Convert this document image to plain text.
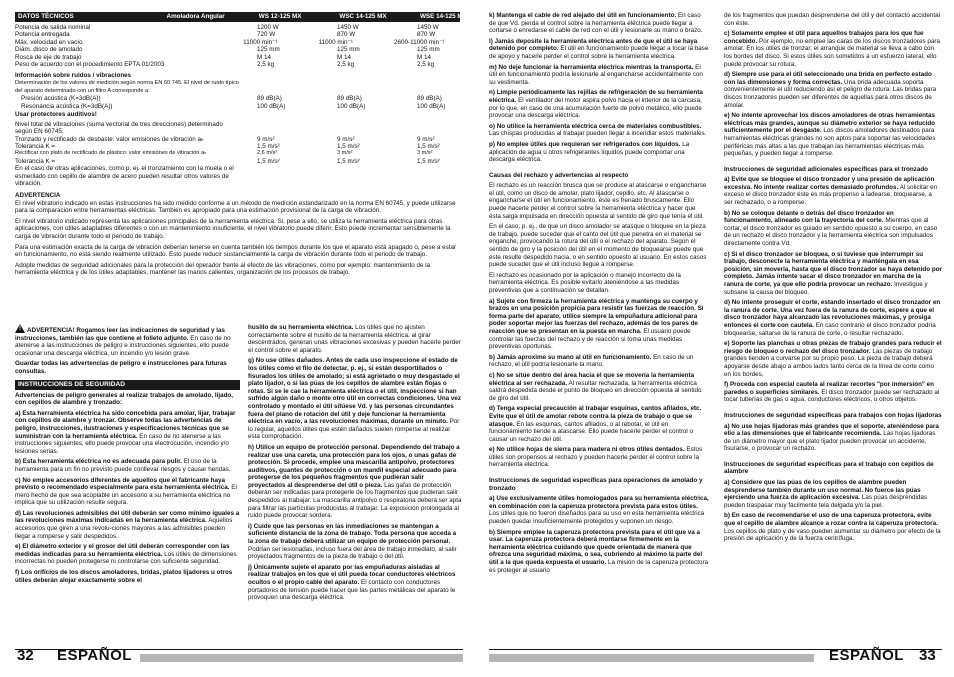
DATOS TÉCNICOS	Amoladora Angular	WS 12-125 MX	WSC 14-125 MX	WSE 14-125 MX
Potencia de salida nominal	1200 W	1450 W	1450 W
Potencia entregada	720 W	870 W	870 W
Máx. velocidad en vacío	11000 min⁻¹	11000 min⁻¹	2600-11000 min⁻¹
Diám. disco de amolado	125 mm	125 mm	125 mm
Rosca de eje de trabajo	M 14	M 14	M 14
Peso de acuerdo con el procedimiento EPTA 01/2003	2,5 kg	2,5 kg	2,5 kg

Información sobre ruidos / vibraciones

Determinación de los valores de medición según norma EN 60 745. El nivel de ruido típico del aparato determinado con un filtro A corresponde a:

Presión acústica (K=3dB(A))	89 dB(A)	89 dB(A)	89 dB(A)
Resonancia acústica (K=3dB(A))	100 dB(A)	100 dB(A)	100 dB(A)

Usar protectores auditivos!

Nivel total de vibraciones (suma vectorial de tres direcciones) determinado según EN 60745.

Tronzado y rectificado de desbaste: valor emisiones de vibración aₕ	9 m/s²	9 m/s²	9 m/s²
Tolerancia K =	1,5 m/s²	1,5 m/s²	1,5 m/s²
Rectificar con plato de rectificado de plástico: valor emisiones de vibración aₕ	2,6 m/s²	3 m/s²	3 m/s²
Tolerancia K =	1,5 m/s²	1,5 m/s²	1,5 m/s²

En el caso de otras aplicaciones, como p. ej. el tronzamiento con la muela o el esmerilado con cepillo de alambre de acero pueden resultar otros valores de vibración.

ADVERTENCIA

El nivel vibratorio indicado en estas instrucciones ha sido medido conforme a un método de medición estandarizado en la norma EN 60745, y puede utilizarse para la comparación entre herramientas eléctricas. También es apropiado para una estimación provisional de la carga de vibración.

El nivel vibratorio indicado representa las aplicaciones principales de la herramienta eléctrica. Si, pese a ello, se utiliza la herramienta eléctrica para otras aplicaciones, con útiles adaptables diferentes o con un mantenimiento insuficiente, el nivel vibratorio puede diferir. Esto puede incrementar sensiblemente la carga de vibración durante todo el periodo de trabajo.

Para una estimación exacta de la carga de vibración deberían tenerse en cuenta también los tiempos durante los que el aparato está apagado o, pese a estar en funcionamiento, no está siendo realmente utilizado. Esto puede reducir sustancialmente la carga de vibración durante todo el periodo de trabajo.

Adopte medidas de seguridad adicionales para la protección del operador frente al efecto de las vibraciones, como por ejemplo: mantenimiento de la herramienta eléctrica y de los útiles adaptables, mantener las manos calientes, organización de los procesos de trabajo.

! ADVERTENCIA! Rogamos leer las indicaciones de seguridad y las instrucciones, también las que contiene el folleto adjunto. En caso de no atenerse a las instrucciones de peligro e instrucciones siguientes, ello puede ocasionar una descarga eléctrica, un incendio y/o lesión grave.

Guardar todas las advertencias de peligro e instrucciones para futuras consultas.

INSTRUCCIONES DE SEGURIDAD

Advertencias de peligro generales al realizar trabajos de amolado, lijado, con cepillos de alambre y tronzado:

a) Esta herramienta eléctrica ha sido concebida para amolar, lijar, trabajar con cepillos de alambre y tronzar. Observe todas las advertencias de peligro, instrucciones, ilustraciones y especificaciones técnicas que se suministran con la herramienta eléctrica. En caso de no atenerse a las instrucciones siguientes, ello puede provocar una electrocución, incendio y/o lesiones serias.

b) Esta herramienta eléctrica no es adecuada para pulir. El uso de la herramienta para un fin no previsto puede conllevar riesgos y causar heridas.

c) No emplee accesorios diferentes de aquellos que el fabricante haya previsto o recomendado especialmente para esta herramienta eléctrica. El mero hecho de que sea acoplable un accesorio a su herramienta eléctrica no implica que su utilización resulte segura.

d) Las revoluciones admisibles del útil deberán ser como mínimo iguales a las revoluciones máximas indicadas en la herramienta eléctrica. Aquellos accesorios que giren a una revolu-ciones mayores a las admisibles pueden llegar a romperse y salir despedidos.

e) El diámetro exterior y el grosor del útil deberán corresponder con las medidas indicadas para su herramienta eléctrica. Los útiles de dimensiones incorrectas no pueden protegerse ni controlarse con suficiente seguridad.

f) Los orificios de los discos amoladores, bridas, platos lijadores u otros útiles deberán alojar exactamente sobre el

husillo de su herramienta eléctrica. Los útiles que no ajusten correctamente sobre el husillo de la herramienta eléctrica, al girar descentrados, generan unas vibraciones excesivas y pueden hacerle perder el control sobre el aparato.

g) No use útiles dañados. Antes de cada uso inspeccione el estado de los útiles como el filo de detectar, p. ej., si están desportillados o fisurados los útiles de amolado; si está agrietado o muy desgastado el plato lijador, o si las púas de los cepillos de alambre están flojas o rotas. Si se le cae la herramienta eléctrica o el útil, inspeccione si han sufrido algún daño o monte otro útil en correctas condiciones. Una vez controlado y montado el útil sitúese Vd. y las personas circundantes fuera del plano de rotación del útil y deje funcionar la herramienta eléctrica en vacío, a las revoluciones máximas, durante un minuto. Por lo regular, aquellos útiles que estén dañados suelen romperse al realizar esta comprobación.

h) Utilice un equipo de protección personal. Dependiendo del trabajo a realizar use una careta, una protección para los ojos, o unas gafas de protección. Si procede, emplee una mascarilla antipolvo, protectores auditivos, guantes de protección o un mandil especial adecuado para protegerse de los pequeños fragmentos que pudieran salir proyectados al desprenderse del útil o pieza. Las gafas de protección deberán ser indicadas para protegerle de los fragmentos que pudieran salir despedidos al trabajar. La mascarilla antipolvo o respiratoria deberá ser apta para filtrar las partículas producidas al trabajar. La exposición prolongada al ruido puede provocar sordera.

i) Cuide que las personas en las inmediaciones se mantengan a suficiente distancia de la zona de trabajo. Toda persona que acceda a la zona de trabajo deberá utilizar un equipo de protección personal. Podrían ser lesionadas, incluso fuera del área de trabajo inmediato, al salir proyectados fragmentos de la pieza de trabajo o del útil.

j) Únicamente sujete el aparato por las empuñaduras aisladas al realizar trabajos en los que el útil pueda tocar conductores eléctricos ocultos o el propio cable del aparato. El contacto con conductores portadores de tensión puede hacer que las partes metálicas del aparato le provoquen una descarga eléctrica.

32 ESPAÑOL

k) Mantenga el cable de red alejado del útil en funcionamiento. En caso de que Vd. pierda el control sobre la herramienta eléctrica puede llegar a cortarse o enredarse el cable de red con el útil y lesionarle su mano o brazo.

l) Jamás deposite la herramienta eléctrica antes de que el útil se haya detenido por completo. El útil en funcionamiento puede llegar a tocar la base de apoyo y hacerle perder el control sobre la herramienta eléctrica.

m) No deje funcionar la herramienta eléctrica mientras la transporta. El útil en funcionamiento podría lesionarle al engancharse accidentalmente con su vestimenta.

n) Limpie periódicamente las rejillas de refrigeración de su herramienta eléctrica. El ventilador del motor aspira polvo hacia el interior de la carcasa, por lo que, en caso de una acumulación fuerte de polvo metálico, ello puede provocar una descarga eléctrica.

o) No utilice la herramienta eléctrica cerca de materiales combustibles. Las chispas producidas al trabajar pueden llegar a incendiar estos materiales.

p) No emplee útiles que requieran ser refrigerados con líquidos. La aplicación de agua u otros refrigerantes líquidos puede comportar una descarga eléctrica.

Causas del rechazo y advertencias al respecto

El rechazo es un reacción brusca que se produce al atascarse o engancharse el útil, como un disco de amolar, plato lijador, cepillo, etc. Al atascarse o engancharse el útil en funcionamiento, éste es frenado bruscamente. Ello puede hacerle perder el control sobre la herramienta eléctrica y hacer que ésta salga impulsada en dirección opuesta al sentido de giro que tenía el útil.

En el caso, p. ej., de que un disco amolador se atasque o bloquee en la pieza de trabajo, puede suceder que el canto del útil que penetra en el material se enganche, provocando la rotura del útil o el rechazo del aparato. Según el sentido de giro y la posición del útil en el momento de bloquearse puede que éste resulte despedido hacia, o en sentido opuesto al usuario. En estos casos puede suceder que el útil incluso llegue a romperse.

El rechazo es ocasionado por la aplicación o manejo incorrecto de la herramienta eléctrica. Es posible evitarlo ateniéndose a las medidas preventivas que a continuación se detallan.

a) Sujete con firmeza la herramienta eléctrica y mantenga su cuerpo y brazos en una posición propicia para resistir las fuerzas de reacción. Si forma parte del aparato, utilice siempre la empuñadura adicional para poder soportar mejor las fuerzas del rechazo, además de los pares de reacción que se presentan en la puesta en marcha. El usuario puede controlar las fuerzas del rechazo y de reacción si toma unas medidas preventivas oportunas.

b) Jamás aproxime su mano al útil en funcionamiento. En caso de un rechazo, el útil podría lesionarle la mano.

c) No se sitúe dentro del área hacia el que se movería la herramienta eléctrica al ser rechazada. Al resultar rechazada, la herramienta eléctrica saldrá despedida desde el punto de bloqueo en dirección opuesta al sentido de giro del útil.

d) Tenga especial precaución al trabajar esquinas, cantos afilados, etc. Evite que el útil de amolar rebote contra la pieza de trabajo o que se atasque. En las esquinas, cantos afilados, o al rebotar, el útil en funcionamiento tiende a atascarse. Ello puede hacerle perder el control o causar un rechazo del útil.

e) No utilice hojas de sierra para madera ni otros útiles dentados. Estos útiles son propensos al rechazo y pueden hacerle perder el control sobre la herramienta eléctrica.

Instrucciones de seguridad específicas para operaciones de amolado y tronzado

a) Use exclusivamente útiles homologados para su herramienta eléctrica, en combinación con la caperuza protectora prevista para estos útiles. Los útiles que no fueron diseñados para su uso en esta herramienta eléctrica pueden quedar insuficientemente protegidos y suponen un riesgo.

b) Siempre emplee la caperuza protectora prevista para el útil que va a usar. La caperuza protectora deberá montarse firmemente en la herramienta eléctrica cuidando que quede orientada de manera que ofrezca una seguridad máxima, o sea, cubriendo al máximo la parte del útil a la que queda expuesta el usuario. La misión de la caperuza protectora es proteger al usuario

de los fragmentos que puedan desprenderse del útil y del contacto accidental con éste.

c) Solamente emplee el útil para aquellos trabajos para los que fue concebido. Por ejemplo, no emplee las caras de los discos tronzadores para amolar. En los útiles de tronzar, el arranque de material se lleva a cabo con los bordes del disco. Si estos útiles son sometidos a un esfuerzo lateral, ello puede provocar su rotura.

d) Siempre use para el útil seleccionado una brida en perfecto estado con las dimensiones y forma correctas. Una brida adecuada soporta convenientemente el útil reduciendo así el peligro de rotura. Las bridas para discos tronzadores pueden ser diferentes de aquellas para otros discos de amolar.

e) No intente aprovechar los discos amoladores de otras herramientas eléctricas más grandes, aunque su diámetro exterior se haya reducido suficientemente por el desgaste. Los discos amoladores destinados para herramientas eléctricas grandes no son aptos para soportar las velocidades periféricas más altas a las que trabajan las herramientas eléctricas más pequeñas, y pueden llegar a romperse.

Instrucciones de seguridad adicionales específicas para el tronzado

a) Evite que se bloquee el disco tronzador y una presión de aplicación excesiva. No intente realizar cortes demasiado profundos. Al solicitar en exceso el disco tronzador éste es más propenso a ladearse, bloquearse, a ser rechazado, o a romperse.

b) No se coloque delante o detrás del disco tronzador en funcionamiento, alineado con la trayectoria del corte. Mientras que al cortar, el disco tronzador es guiado en sentido opuesto a su cuerpo, en caso de un rechazo el disco tronzador y la herramienta eléctrica son impulsados directamente contra Vd.

c) Si el disco tronzador se bloquea, o si tuviese que interrumpir su trabajo, desconecte la herramienta eléctrica y manténgala en esa posición, sin moverla, hasta que el disco tronzador se haya detenido por completo. Jamás intente sacar el disco tronzador en marcha de la ranura de corte, ya que ello podría provocar un rechazo. Investigue y subsane la causa del bloqueo.

d) No intente proseguir el corte, estando insertado el disco tronzador en la ranura de corte. Una vez fuera de la ranura de corte, espere a que el disco tronzador haya alcanzado las revoluciones máximas, y prosiga entonces el corte con cautela. En caso contrario el disco tronzador podría bloquearse, saltarse de la ranura de corte, o resultar rechazado.

e) Soporte las planchas u otras piezas de trabajo grandes para reducir el riesgo de bloqueo o rechazo del disco tronzador. Las piezas de trabajo grandes tienden a curvarse por su propio peso. La pieza de trabajo deberá apoyarse desde abajo a ambos lados tanto cerca de la línea de corte como en los bordes.

f) Proceda con especial cautela al realizar recortes "por inmersión" en paredes o superficies similares. El disco tronzador puede ser rechazado al tocar tuberías de gas o agua, conductores eléctricos, u otros objetos.

Instrucciones de seguridad específicas para trabajos con hojas lijadoras

a) No use hojas lijadoras más grandes que el soporte, ateniéndose para ello a las dimensiones que el fabricante recomienda. Las hojas lijadoras de un diámetro mayor que el plato lijador pueden provocar un accidente, fisurarse, o provocar un rechazo.

Instrucciones de seguridad específicas para el trabajo con cepillos de alambre

a) Considere que las púas de los cepillos de alambre pueden desprenderse también durante un uso normal. No fuerce las púas ejerciendo una fuerza de aplicación excesiva. Las púas desprendidas pueden traspasar muy fácilmente tela delgada y/o la piel.

b) En caso de recomendarse el uso de una caperuza protectora, evite que el cepillo de alambre alcance a rozar contra la caperuza protectora. Los cepillos de plato y de vaso pueden aumentar su diámetro por efecto de la presión de aplicación y de la fuerza centrífuga.

ESPAÑOL 33
